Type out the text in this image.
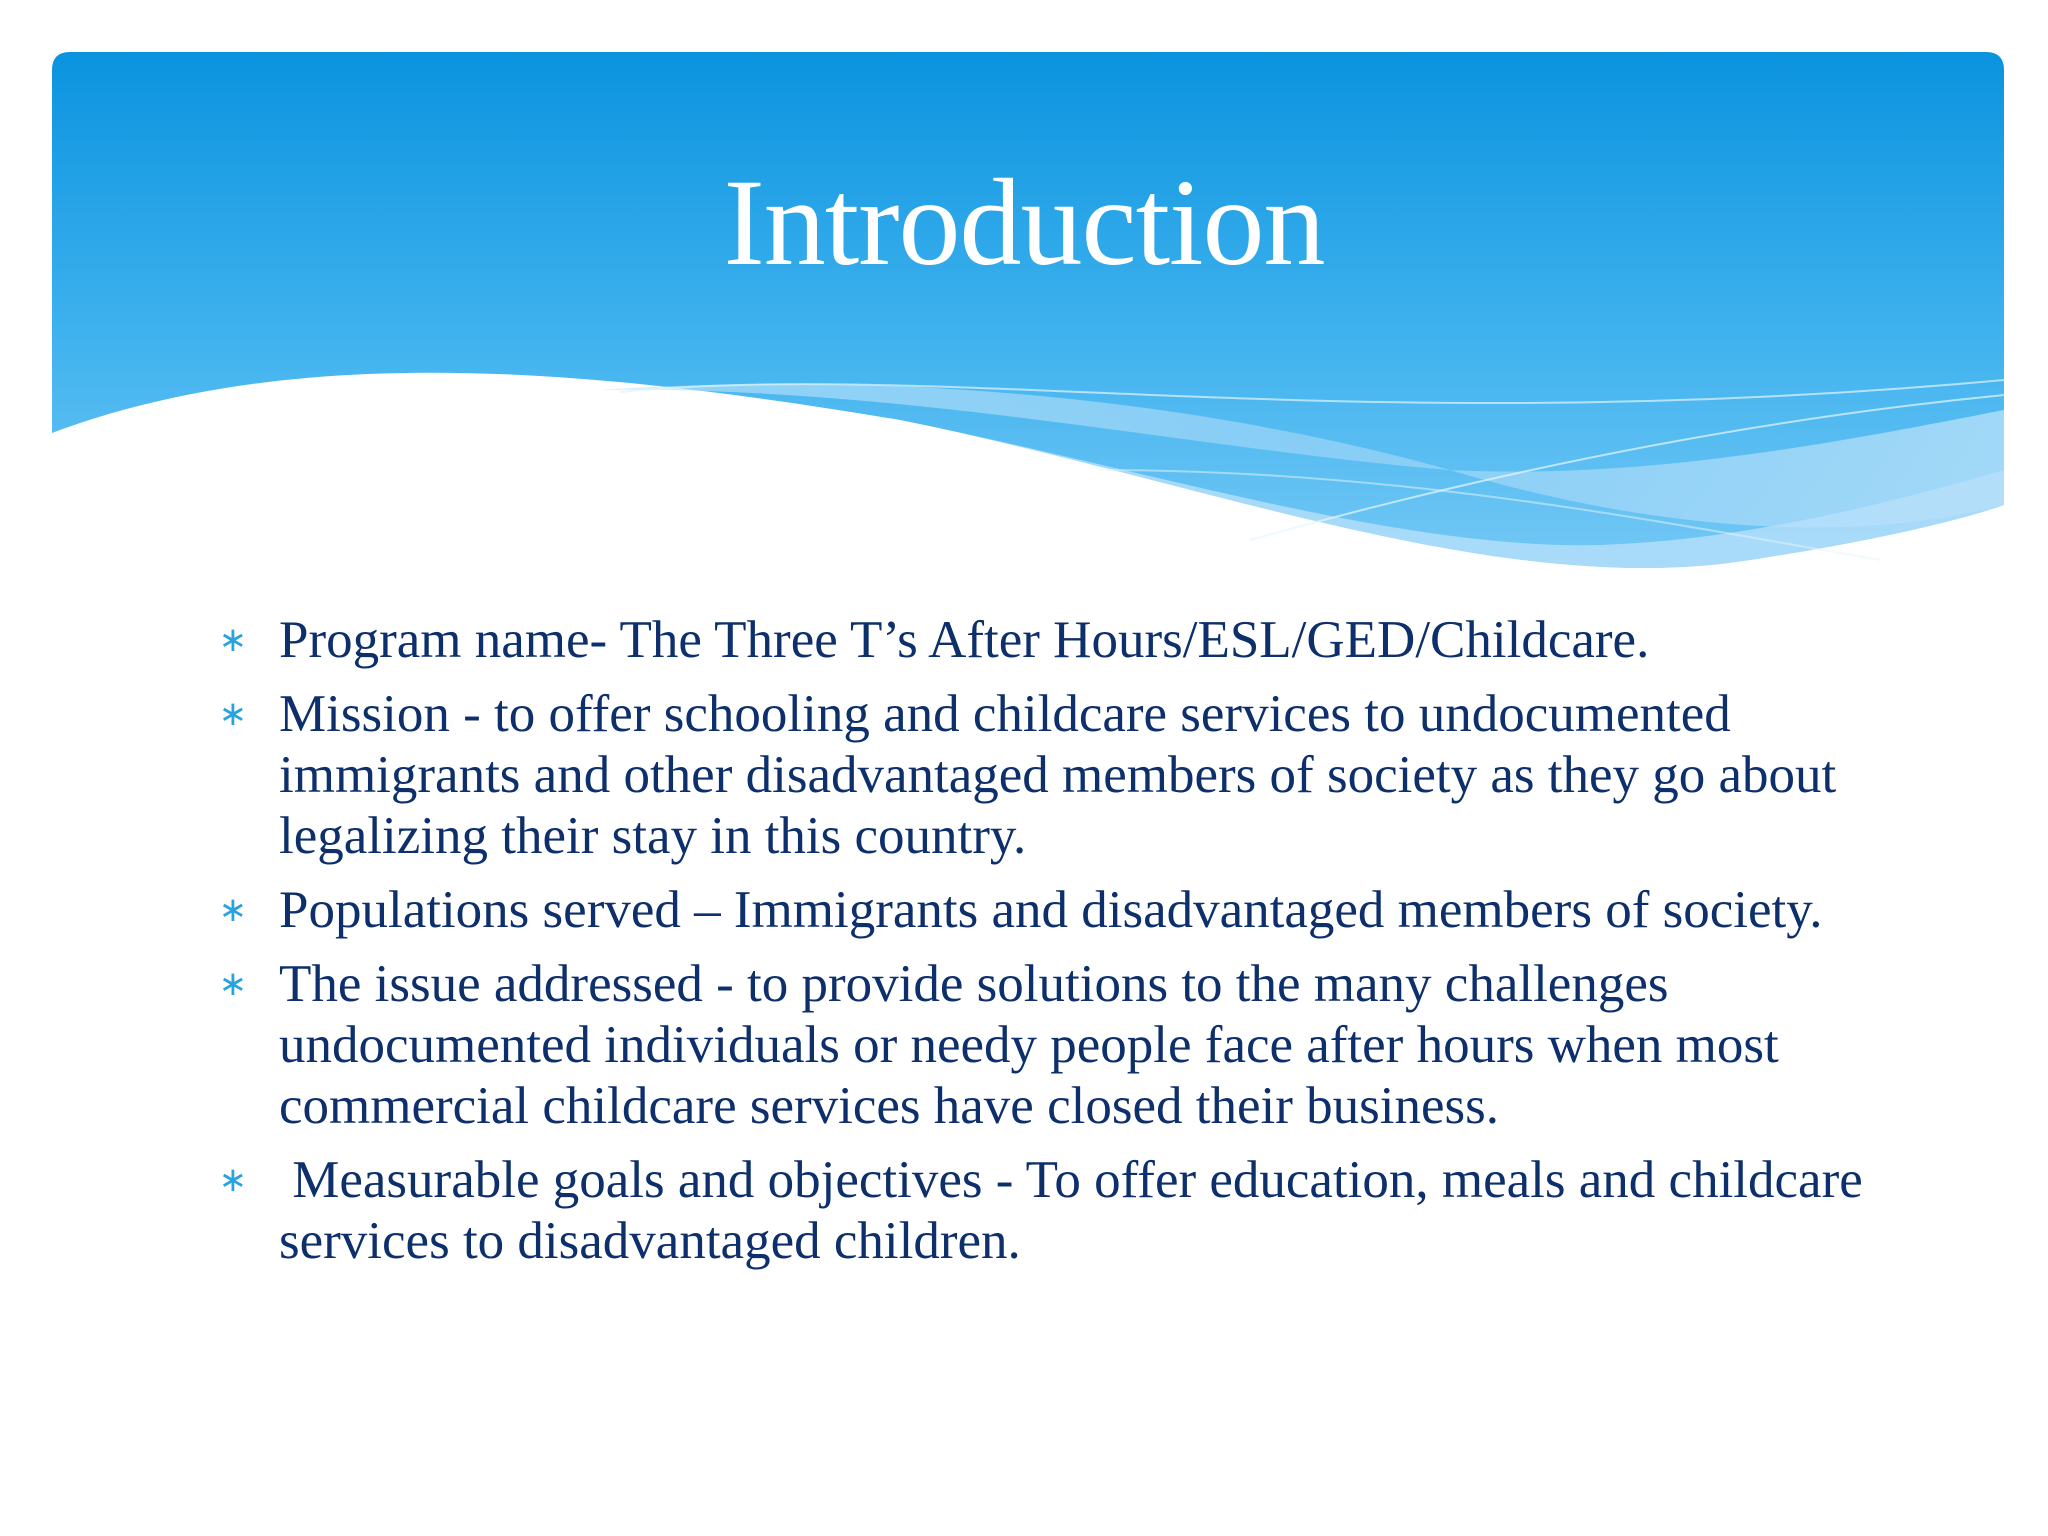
Introduction
∗ Program name- The Three T’s After Hours/ESL/GED/Childcare.
∗ Mission - to offer schooling and childcare services to undocumented immigrants and other disadvantaged members of society as they go about legalizing their stay in this country.
∗ Populations served – Immigrants and disadvantaged members of society.
∗ The issue addressed - to provide solutions to the many challenges undocumented individuals or needy people face after hours when most commercial childcare services have closed their business.
∗ Measurable goals and objectives - To offer education, meals and childcare services to disadvantaged children.
